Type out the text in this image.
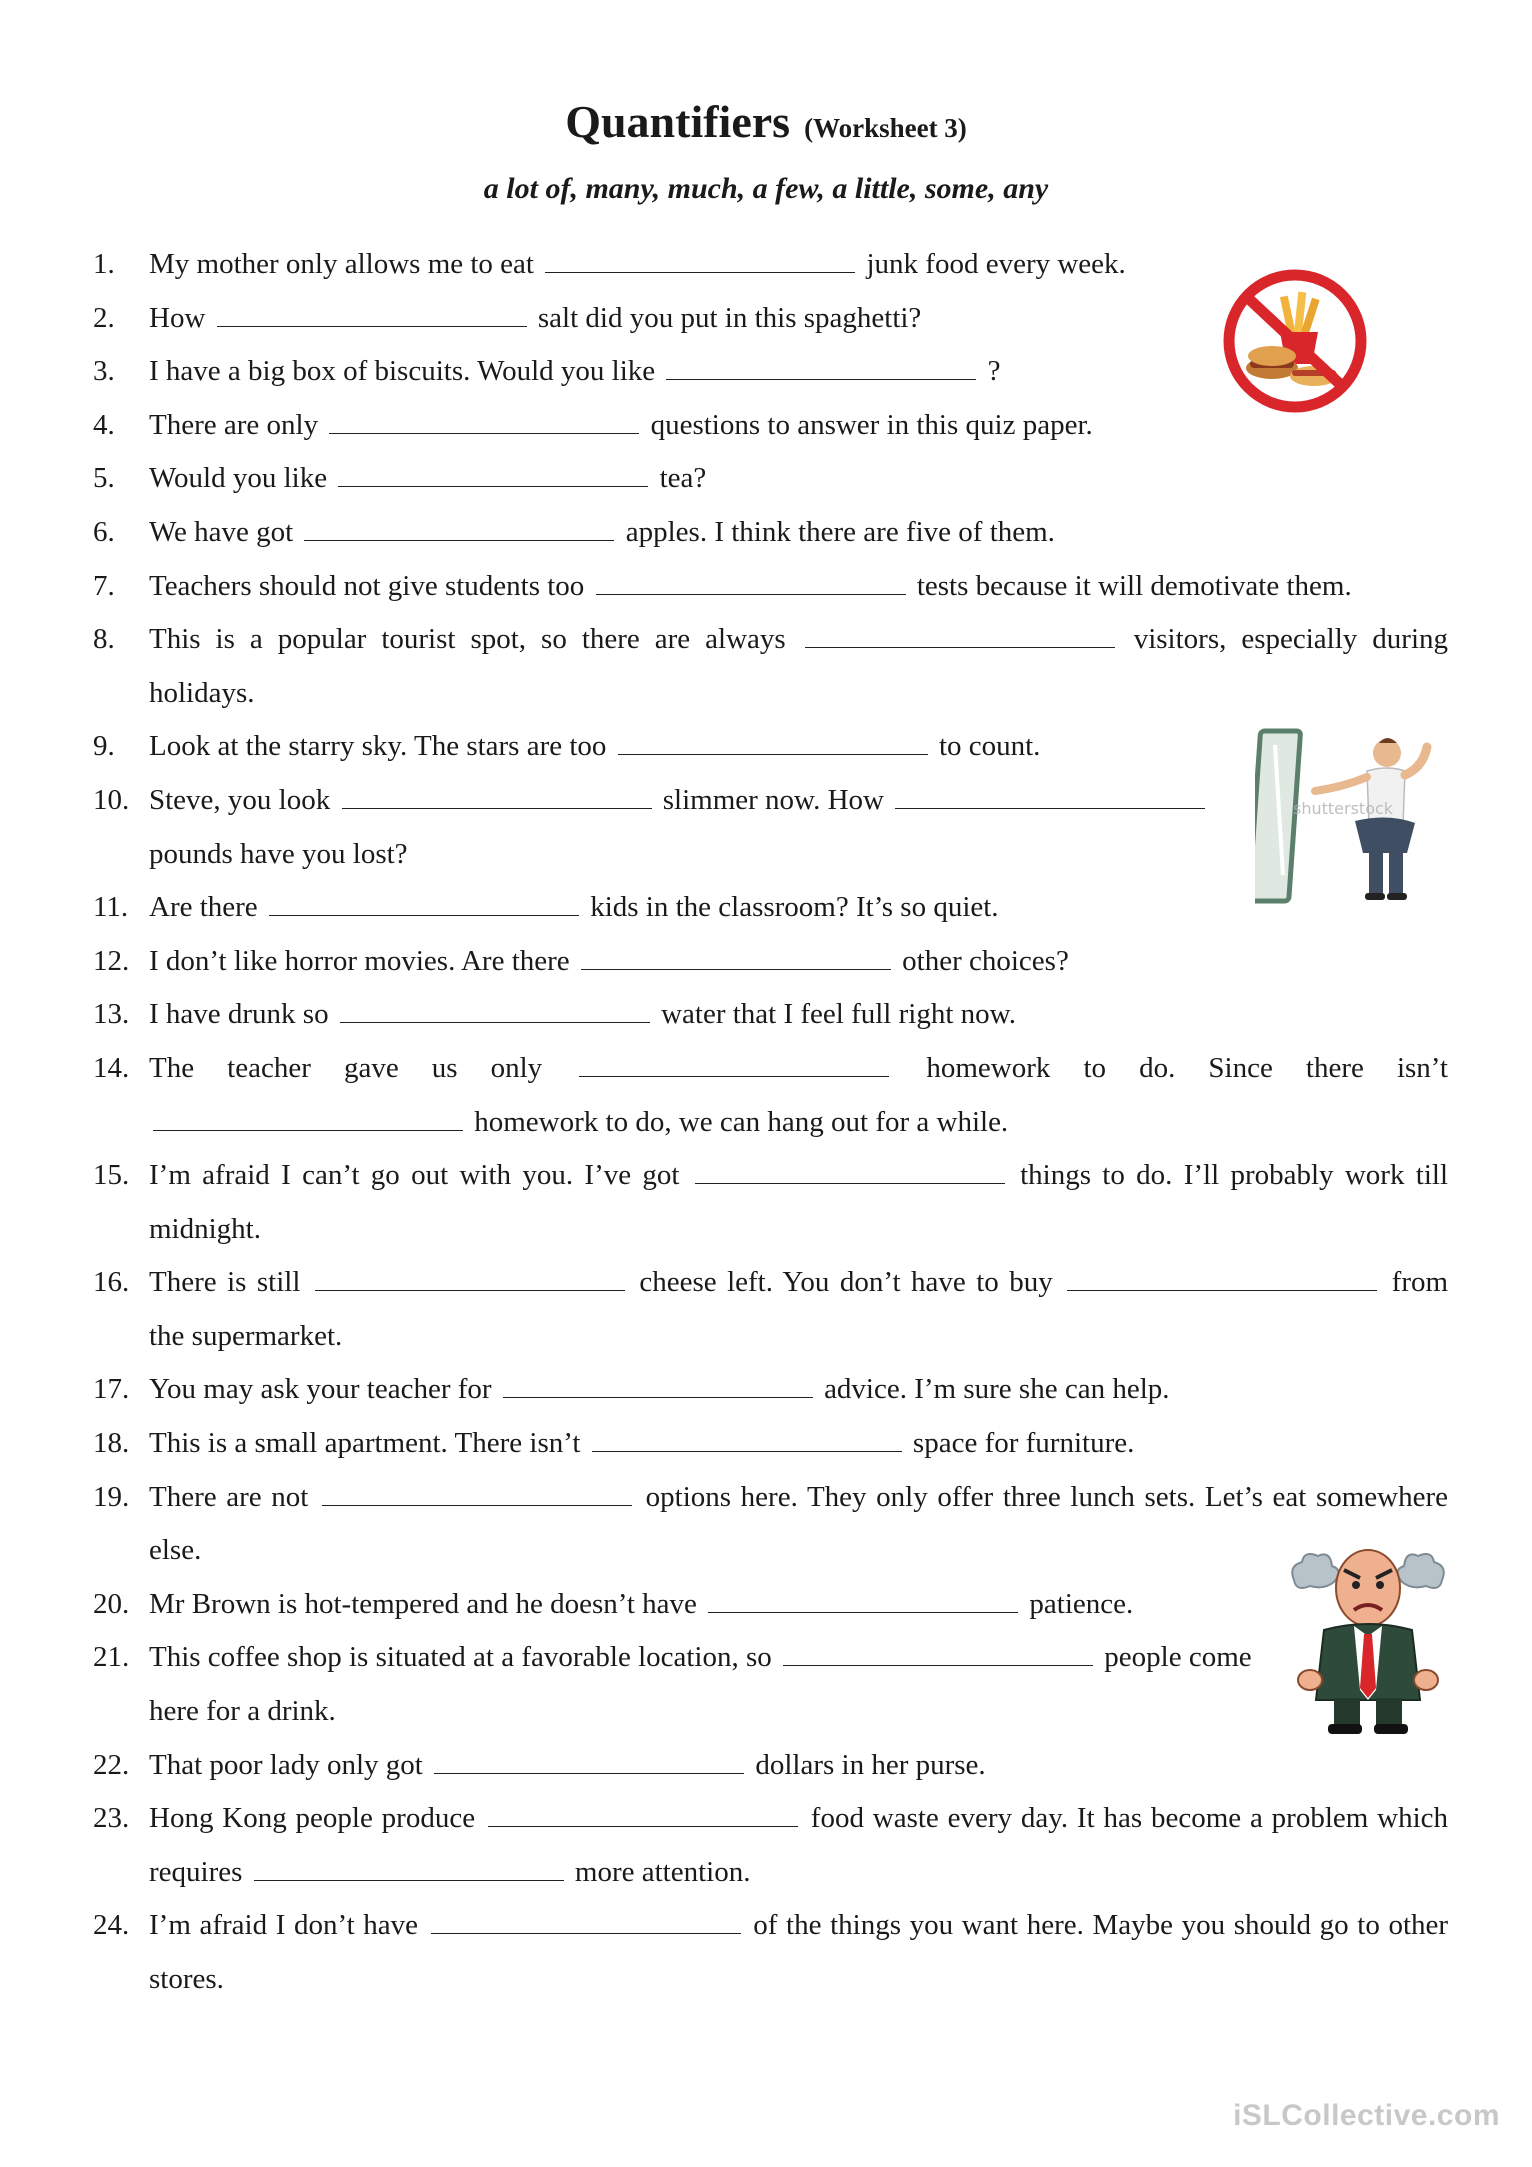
Quantifiers (Worksheet 3)
a lot of, many, much, a few, a little, some, any
1.	My mother only allows me to eat	junk food every week.
2.	How	salt did you put in this spaghetti?
3.	I have a big box of biscuits. Would you like	?
4.	There are only	questions to answer in this quiz paper.
5.	Would you like	tea?
6.	We have got	apples. I think there are five of them.
7.	Teachers should not give students too	tests because it will demotivate them.
8.	This is a popular tourist spot, so there are always	visitors, especially during holidays.
9.	Look at the starry sky. The stars are too	to count.
10. Steve, you look	slimmer now. How  pounds have you lost?
11. Are there	kids in the classroom? It’s so quiet.
12. I don’t like horror movies. Are there	other choices?
13. I have drunk so	water that I feel full right now.
14. The teacher gave us only	homework to do. Since there isn’t  homework to do, we can hang out for a while.
15. I’m afraid I can’t go out with you. I’ve got	things to do. I’ll probably work till midnight.
16. There is still	cheese left. You don’t have to buy	from the supermarket.
17. You may ask your teacher for	advice. I’m sure she can help.
18. This is a small apartment. There isn’t	space for furniture.
19. There are not	options here. They only offer three lunch sets. Let’s eat somewhere else.
20. Mr Brown is hot-tempered and he doesn’t have	patience.
21. This coffee shop is situated at a favorable location, so	people come here for a drink.
22. That poor lady only got	dollars in her purse.
23. Hong Kong people produce	food waste every day. It has become a problem which requires	more attention.
24. I’m afraid I don’t have	of the things you want here. Maybe you should go to other stores.
shutterstock
iSLCollective.com
